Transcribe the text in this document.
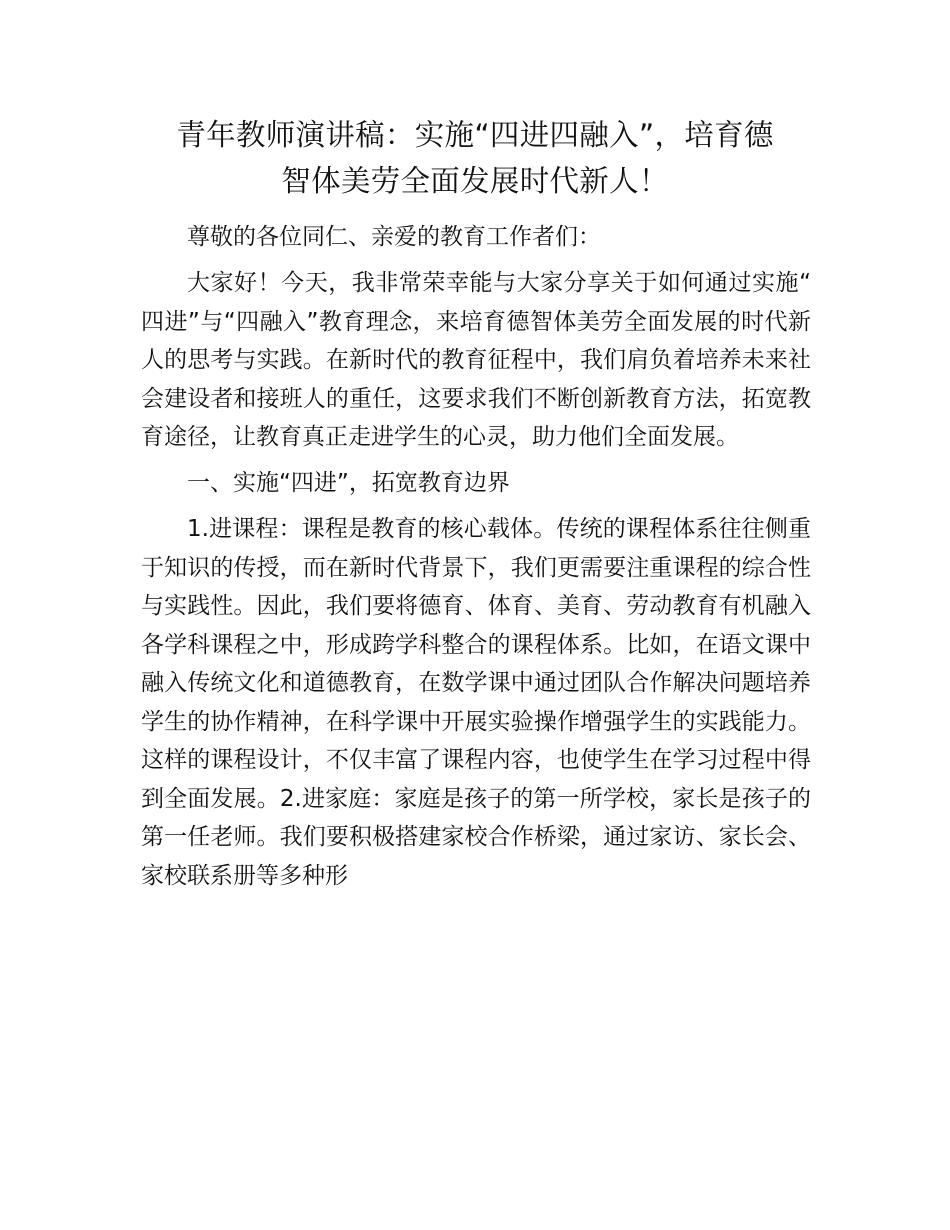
青年教师演讲稿：实施“四进四融入”，培育德
智体美劳全面发展时代新人！

尊敬的各位同仁、亲爱的教育工作者们：

大家好！今天，我非常荣幸能与大家分享关于如何通过实施“四进”与“四融入”教育理念，来培育德智体美劳全面发展的时代新人的思考与实践。在新时代的教育征程中，我们肩负着培养未来社会建设者和接班人的重任，这要求我们不断创新教育方法，拓宽教育途径，让教育真正走进学生的心灵，助力他们全面发展。

一、实施“四进”，拓宽教育边界

1.进课程：课程是教育的核心载体。传统的课程体系往往侧重于知识的传授，而在新时代背景下，我们更需要注重课程的综合性与实践性。因此，我们要将德育、体育、美育、劳动教育有机融入各学科课程之中，形成跨学科整合的课程体系。比如，在语文课中融入传统文化和道德教育，在数学课中通过团队合作解决问题培养学生的协作精神，在科学课中开展实验操作增强学生的实践能力。这样的课程设计，不仅丰富了课程内容，也使学生在学习过程中得到全面发展。2.进家庭：家庭是孩子的第一所学校，家长是孩子的第一任老师。我们要积极搭建家校合作桥梁，通过家访、家长会、家校联系册等多种形
